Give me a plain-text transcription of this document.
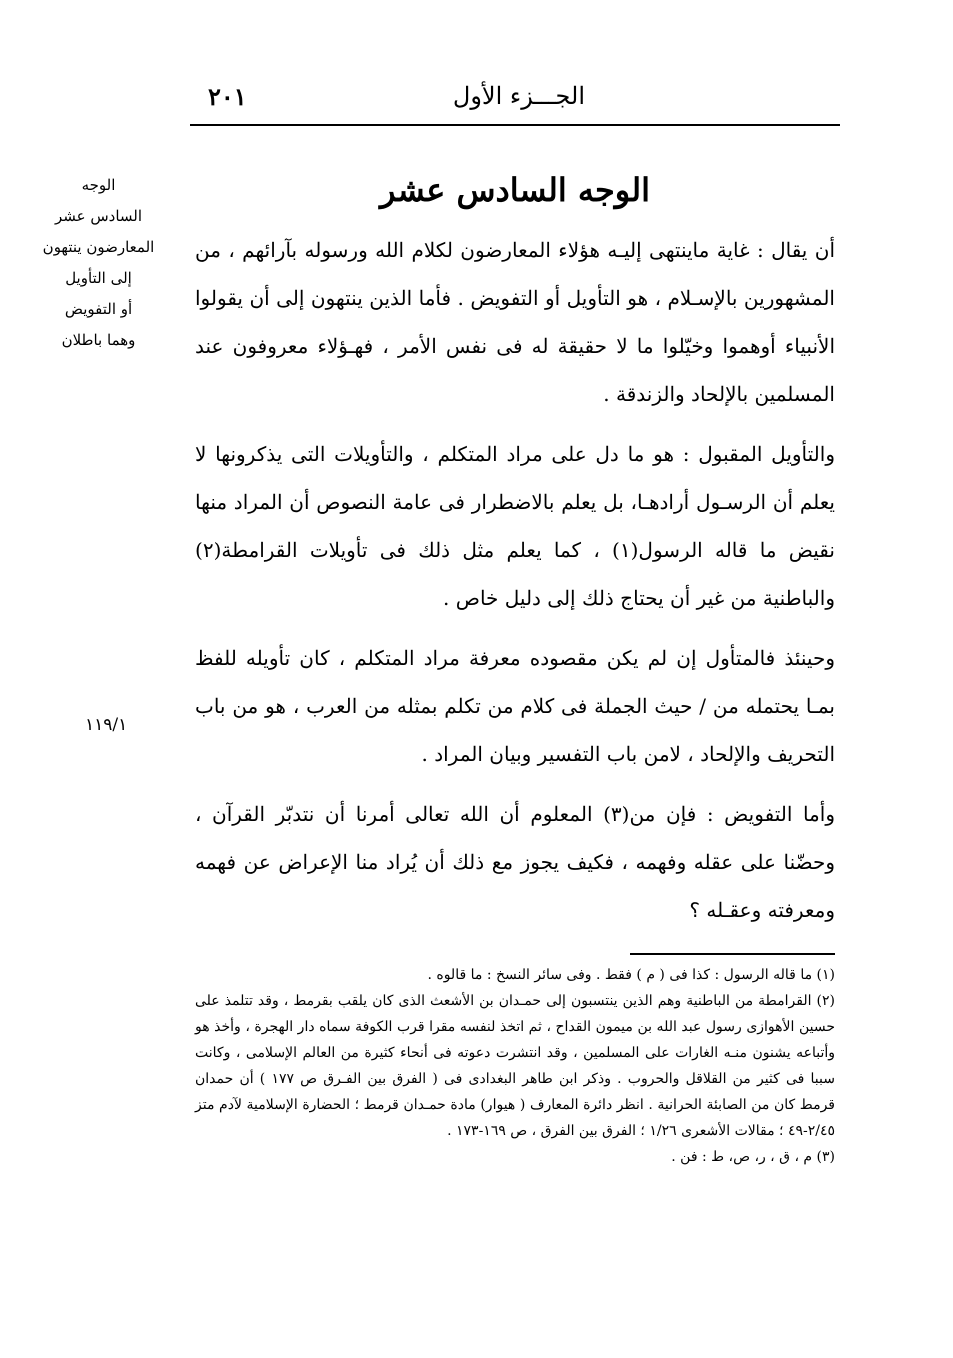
الجـــزء الأول
٢٠١
الوجه
السادس عشر
المعارضون ينتهون
إلى التأويل
أو التفويض
وهما باطلان
١١٩/١
الوجه السادس عشر

أن يقال : غاية ماينتهى إليـه هؤلاء المعارضون لكلام الله ورسوله بآرائهم ، من المشهورين بالإسـلام ، هو التأويل أو التفويض . فأما الذين ينتهون إلى أن يقولوا الأنبياء أوهموا وخيّلوا ما لا حقيقة له فى نفس الأمر ، فهـؤلاء معروفون عند المسلمين بالإلحاد والزندقة .

والتأويل المقبول : هو ما دل على مراد المتكلم ، والتأويلات التى يذكرونها لا يعلم أن الرسـول أرادهـا، بل يعلم بالاضطرار فى عامة النصوص أن المراد منها نقيض ما قاله الرسول(١) ، كما يعلم مثل ذلك فى تأويلات القرامطة(٢) والباطنية من غير أن يحتاج ذلك إلى دليل خاص .

وحينئذ فالمتأول إن لم يكن مقصوده معرفة مراد المتكلم ، كان تأويله للفظ بمـا يحتمله من / حيث الجملة فى كلام من تكلم بمثله من العرب ، هو من باب التحريف والإلحاد ، لامن باب التفسير وبيان المراد .

وأما التفويض : فإن من(٣) المعلوم أن الله تعالى أمرنا أن نتدبّر القرآن ، وحضّنا على عقله وفهمه ، فكيف يجوز مع ذلك أن يُراد منا الإعراض عن فهمه ومعرفته وعقـله ؟

(١) ما قاله الرسول : كذا فى ( م ) فقط . وفى سائر النسخ : ما قالوه .

(٢) القرامطة من الباطنية وهم الذين ينتسبون إلى حمـدان بن الأشعث الذى كان يلقب بقرمط ، وقد تتلمذ على حسين الأهوازى رسول عبد الله بن ميمون القداح ، ثم اتخذ لنفسه مقرا قرب الكوفة سماه دار الهجرة ، وأخذ هو وأتباعه يشنون منـه الغارات على المسلمين ، وقد انتشرت دعوته فى أنحاء كثيرة من العالم الإسلامى ، وكانت سببا فى كثير من القلاقل والحروب . وذكر ابن طاهر البغدادى فى ( الفرق بين الفـرق ص ١٧٧ ) أن حمدان قرمط كان من الصابئة الحرانية . انظر دائرة المعارف ( هيوار) مادة حمـدان قرمط ؛ الحضارة الإسلامية لآدم متز ٢/٤٥-٤٩ ؛ مقالات الأشعرى ١/٢٦ ؛ الفرق بين الفرق ، ص ١٦٩-١٧٣ .

(٣) م ، ق ، ر، ص، ط : فن .
